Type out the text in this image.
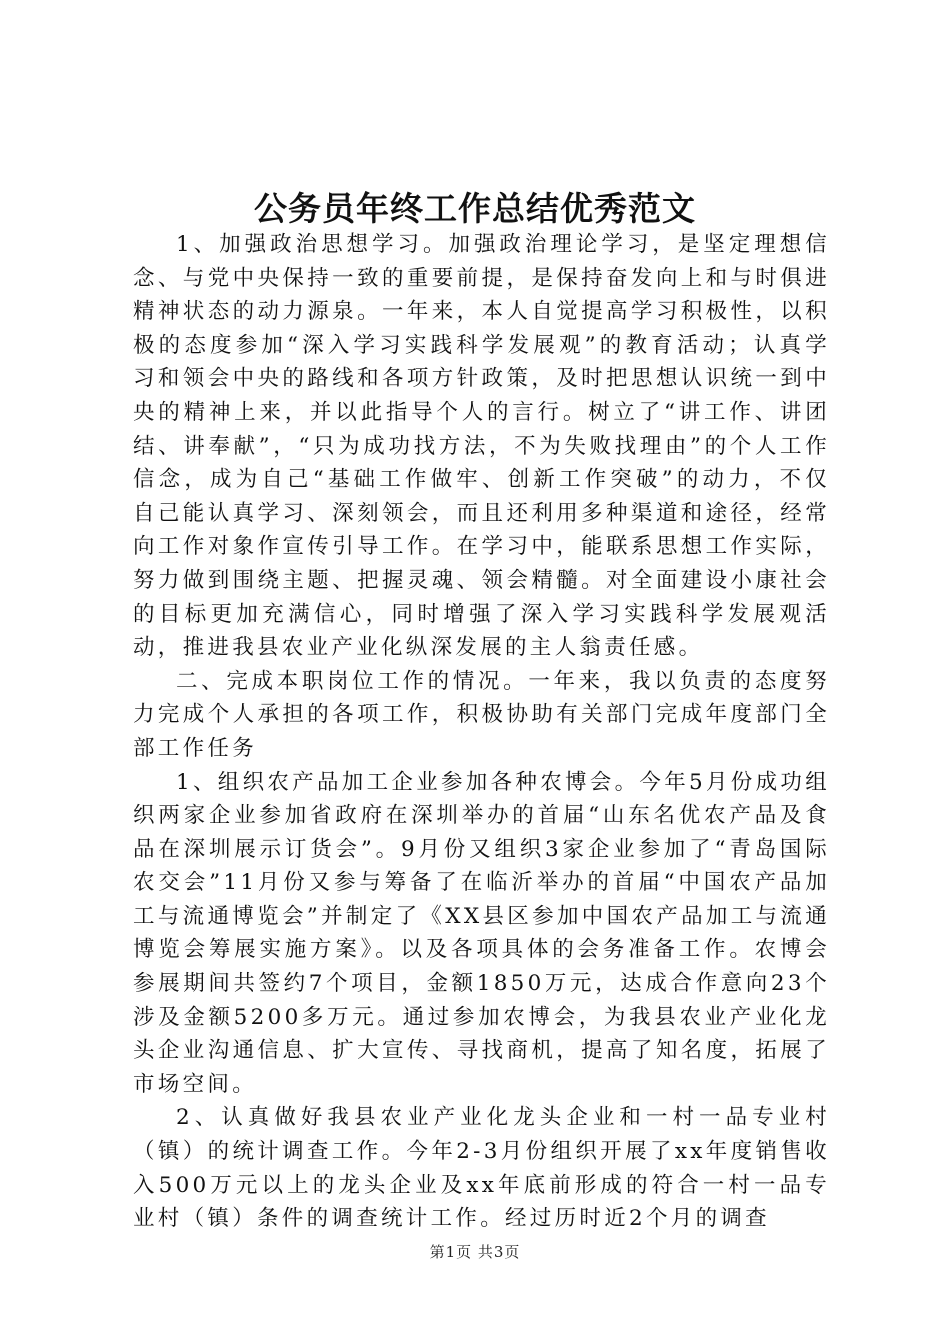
公务员年终工作总结优秀范文

1、加强政治思想学习。加强政治理论学习，是坚定理想信念、与党中央保持一致的重要前提，是保持奋发向上和与时俱进精神状态的动力源泉。一年来，本人自觉提高学习积极性，以积极的态度参加“深入学习实践科学发展观”的教育活动；认真学习和领会中央的路线和各项方针政策，及时把思想认识统一到中央的精神上来，并以此指导个人的言行。树立了“讲工作、讲团结、讲奉献”，“只为成功找方法，不为失败找理由”的个人工作信念，成为自己“基础工作做牢、创新工作突破”的动力，不仅自己能认真学习、深刻领会，而且还利用多种渠道和途径，经常向工作对象作宣传引导工作。在学习中，能联系思想工作实际，努力做到围绕主题、把握灵魂、领会精髓。对全面建设小康社会的目标更加充满信心，同时增强了深入学习实践科学发展观活动，推进我县农业产业化纵深发展的主人翁责任感。

二、完成本职岗位工作的情况。一年来，我以负责的态度努力完成个人承担的各项工作，积极协助有关部门完成年度部门全部工作任务

1、组织农产品加工企业参加各种农博会。今年5月份成功组织两家企业参加省政府在深圳举办的首届“山东名优农产品及食品在深圳展示订货会”。9月份又组织3家企业参加了“青岛国际农交会”11月份又参与筹备了在临沂举办的首届“中国农产品加工与流通博览会”并制定了《XX县区参加中国农产品加工与流通博览会筹展实施方案》。以及各项具体的会务准备工作。农博会参展期间共签约7个项目，金额1850万元，达成合作意向23个涉及金额5200多万元。通过参加农博会，为我县农业产业化龙头企业沟通信息、扩大宣传、寻找商机，提高了知名度，拓展了市场空间。

2、认真做好我县农业产业化龙头企业和一村一品专业村（镇）的统计调查工作。今年2-3月份组织开展了xx年度销售收入500万元以上的龙头企业及xx年底前形成的符合一村一品专业村（镇）条件的调查统计工作。经过历时近2个月的调查

第1页 共3页
